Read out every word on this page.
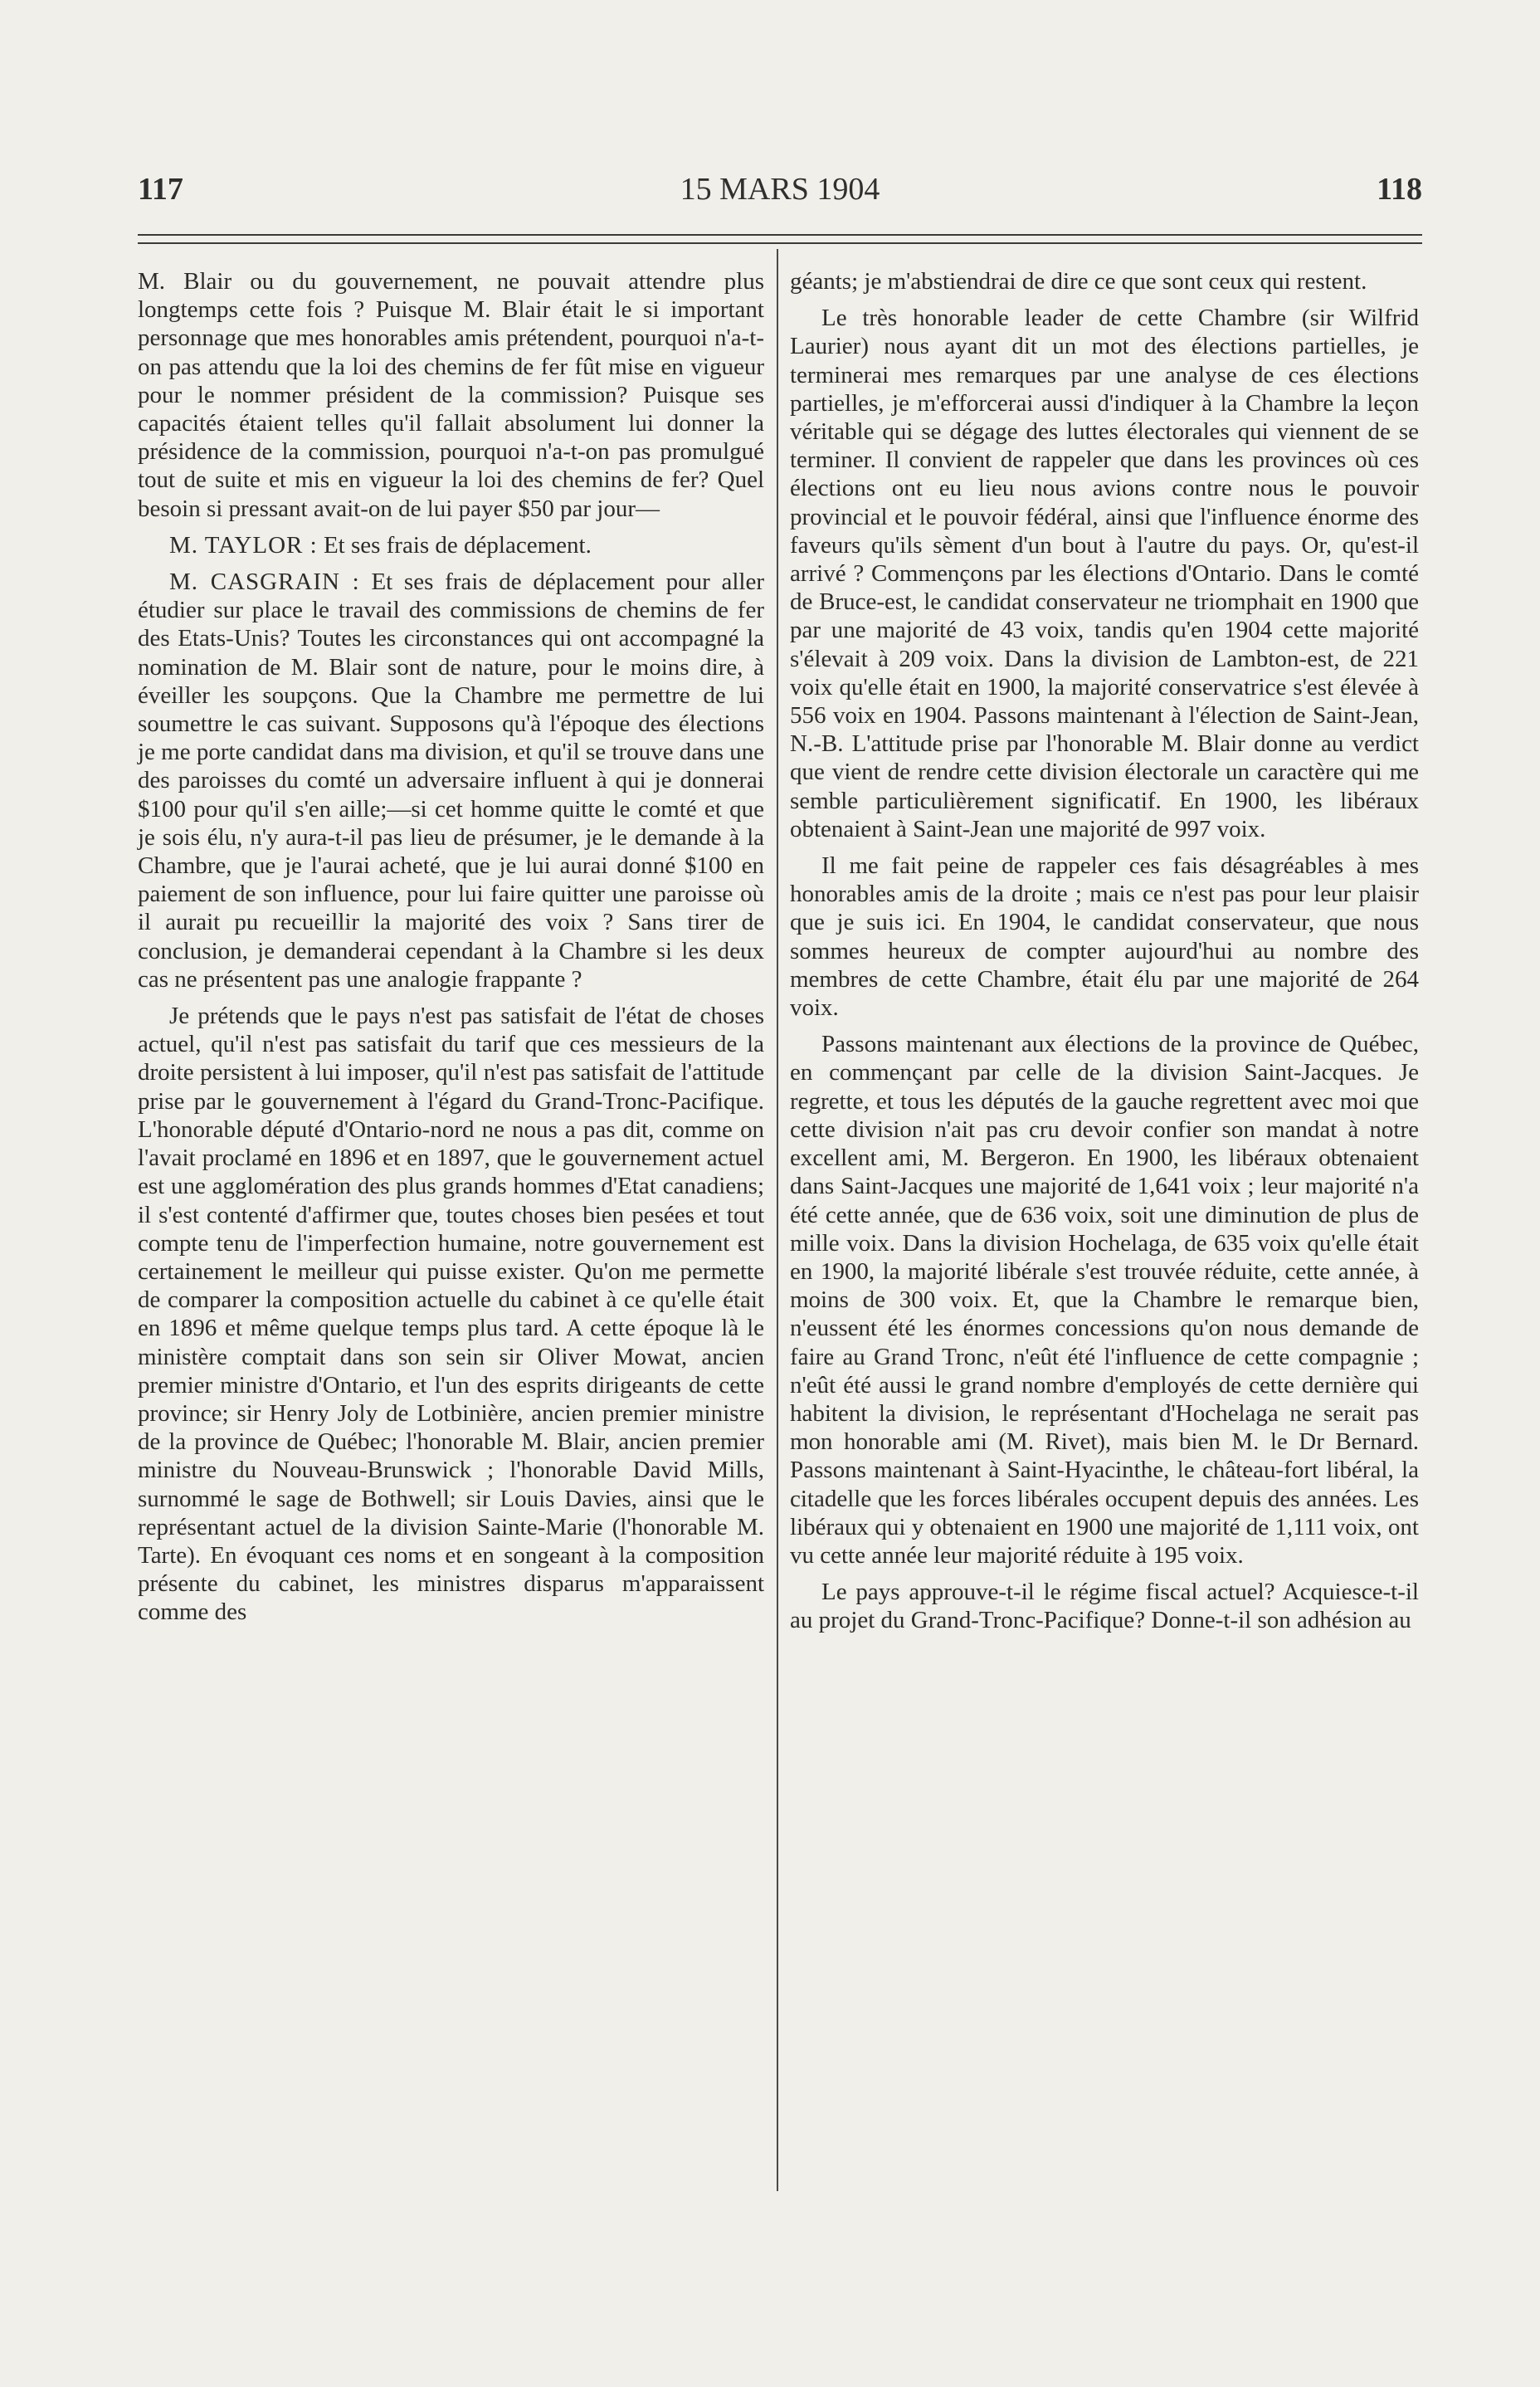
117	15 MARS 1904	118

M. Blair ou du gouvernement, ne pouvait attendre plus longtemps cette fois ? Puisque M. Blair était le si important personnage que mes honorables amis prétendent, pourquoi n'a-t-on pas attendu que la loi des chemins de fer fût mise en vigueur pour le nommer président de la commission? Puisque ses capacités étaient telles qu'il fallait absolument lui donner la présidence de la commission, pourquoi n'a-t-on pas promulgué tout de suite et mis en vigueur la loi des chemins de fer? Quel besoin si pressant avait-on de lui payer $50 par jour—

M. TAYLOR : Et ses frais de déplacement.

M. CASGRAIN : Et ses frais de déplacement pour aller étudier sur place le travail des commissions de chemins de fer des Etats-Unis? Toutes les circonstances qui ont accompagné la nomination de M. Blair sont de nature, pour le moins dire, à éveiller les soupçons. Que la Chambre me permettre de lui soumettre le cas suivant. Supposons qu'à l'époque des élections je me porte candidat dans ma division, et qu'il se trouve dans une des paroisses du comté un adversaire influent à qui je donnerai $100 pour qu'il s'en aille;—si cet homme quitte le comté et que je sois élu, n'y aura-t-il pas lieu de présumer, je le demande à la Chambre, que je l'aurai acheté, que je lui aurai donné $100 en paiement de son influence, pour lui faire quitter une paroisse où il aurait pu recueillir la majorité des voix ? Sans tirer de conclusion, je demanderai cependant à la Chambre si les deux cas ne présentent pas une analogie frappante ?

Je prétends que le pays n'est pas satisfait de l'état de choses actuel, qu'il n'est pas satisfait du tarif que ces messieurs de la droite persistent à lui imposer, qu'il n'est pas satisfait de l'attitude prise par le gouvernement à l'égard du Grand-Tronc-Pacifique. L'honorable député d'Ontario-nord ne nous a pas dit, comme on l'avait proclamé en 1896 et en 1897, que le gouvernement actuel est une agglomération des plus grands hommes d'Etat canadiens; il s'est contenté d'affirmer que, toutes choses bien pesées et tout compte tenu de l'imperfection humaine, notre gouvernement est certainement le meilleur qui puisse exister. Qu'on me permette de comparer la composition actuelle du cabinet à ce qu'elle était en 1896 et même quelque temps plus tard. A cette époque là le ministère comptait dans son sein sir Oliver Mowat, ancien premier ministre d'Ontario, et l'un des esprits dirigeants de cette province; sir Henry Joly de Lotbinière, ancien premier ministre de la province de Québec; l'honorable M. Blair, ancien premier ministre du Nouveau-Brunswick ; l'honorable David Mills, surnommé le sage de Bothwell; sir Louis Davies, ainsi que le représentant actuel de la division Sainte-Marie (l'honorable M. Tarte). En évoquant ces noms et en songeant à la composition présente du cabinet, les ministres disparus m'apparaissent comme des

géants; je m'abstiendrai de dire ce que sont ceux qui restent.

Le très honorable leader de cette Chambre (sir Wilfrid Laurier) nous ayant dit un mot des élections partielles, je terminerai mes remarques par une analyse de ces élections partielles, je m'efforcerai aussi d'indiquer à la Chambre la leçon véritable qui se dégage des luttes électorales qui viennent de se terminer. Il convient de rappeler que dans les provinces où ces élections ont eu lieu nous avions contre nous le pouvoir provincial et le pouvoir fédéral, ainsi que l'influence énorme des faveurs qu'ils sèment d'un bout à l'autre du pays. Or, qu'est-il arrivé ? Commençons par les élections d'Ontario. Dans le comté de Bruce-est, le candidat conservateur ne triomphait en 1900 que par une majorité de 43 voix, tandis qu'en 1904 cette majorité s'élevait à 209 voix. Dans la division de Lambton-est, de 221 voix qu'elle était en 1900, la majorité conservatrice s'est élevée à 556 voix en 1904. Passons maintenant à l'élection de Saint-Jean, N.-B. L'attitude prise par l'honorable M. Blair donne au verdict que vient de rendre cette division électorale un caractère qui me semble particulièrement significatif. En 1900, les libéraux obtenaient à Saint-Jean une majorité de 997 voix.

Il me fait peine de rappeler ces fais désagréables à mes honorables amis de la droite ; mais ce n'est pas pour leur plaisir que je suis ici. En 1904, le candidat conservateur, que nous sommes heureux de compter aujourd'hui au nombre des membres de cette Chambre, était élu par une majorité de 264 voix.

Passons maintenant aux élections de la province de Québec, en commençant par celle de la division Saint-Jacques. Je regrette, et tous les députés de la gauche regrettent avec moi que cette division n'ait pas cru devoir confier son mandat à notre excellent ami, M. Bergeron. En 1900, les libéraux obtenaient dans Saint-Jacques une majorité de 1,641 voix ; leur majorité n'a été cette année, que de 636 voix, soit une diminution de plus de mille voix. Dans la division Hochelaga, de 635 voix qu'elle était en 1900, la majorité libérale s'est trouvée réduite, cette année, à moins de 300 voix. Et, que la Chambre le remarque bien, n'eussent été les énormes concessions qu'on nous demande de faire au Grand Tronc, n'eût été l'influence de cette compagnie ; n'eût été aussi le grand nombre d'employés de cette dernière qui habitent la division, le représentant d'Hochelaga ne serait pas mon honorable ami (M. Rivet), mais bien M. le Dr Bernard. Passons maintenant à Saint-Hyacinthe, le château-fort libéral, la citadelle que les forces libérales occupent depuis des années. Les libéraux qui y obtenaient en 1900 une majorité de 1,111 voix, ont vu cette année leur majorité réduite à 195 voix.

Le pays approuve-t-il le régime fiscal actuel? Acquiesce-t-il au projet du Grand-Tronc-Pacifique? Donne-t-il son adhésion au
